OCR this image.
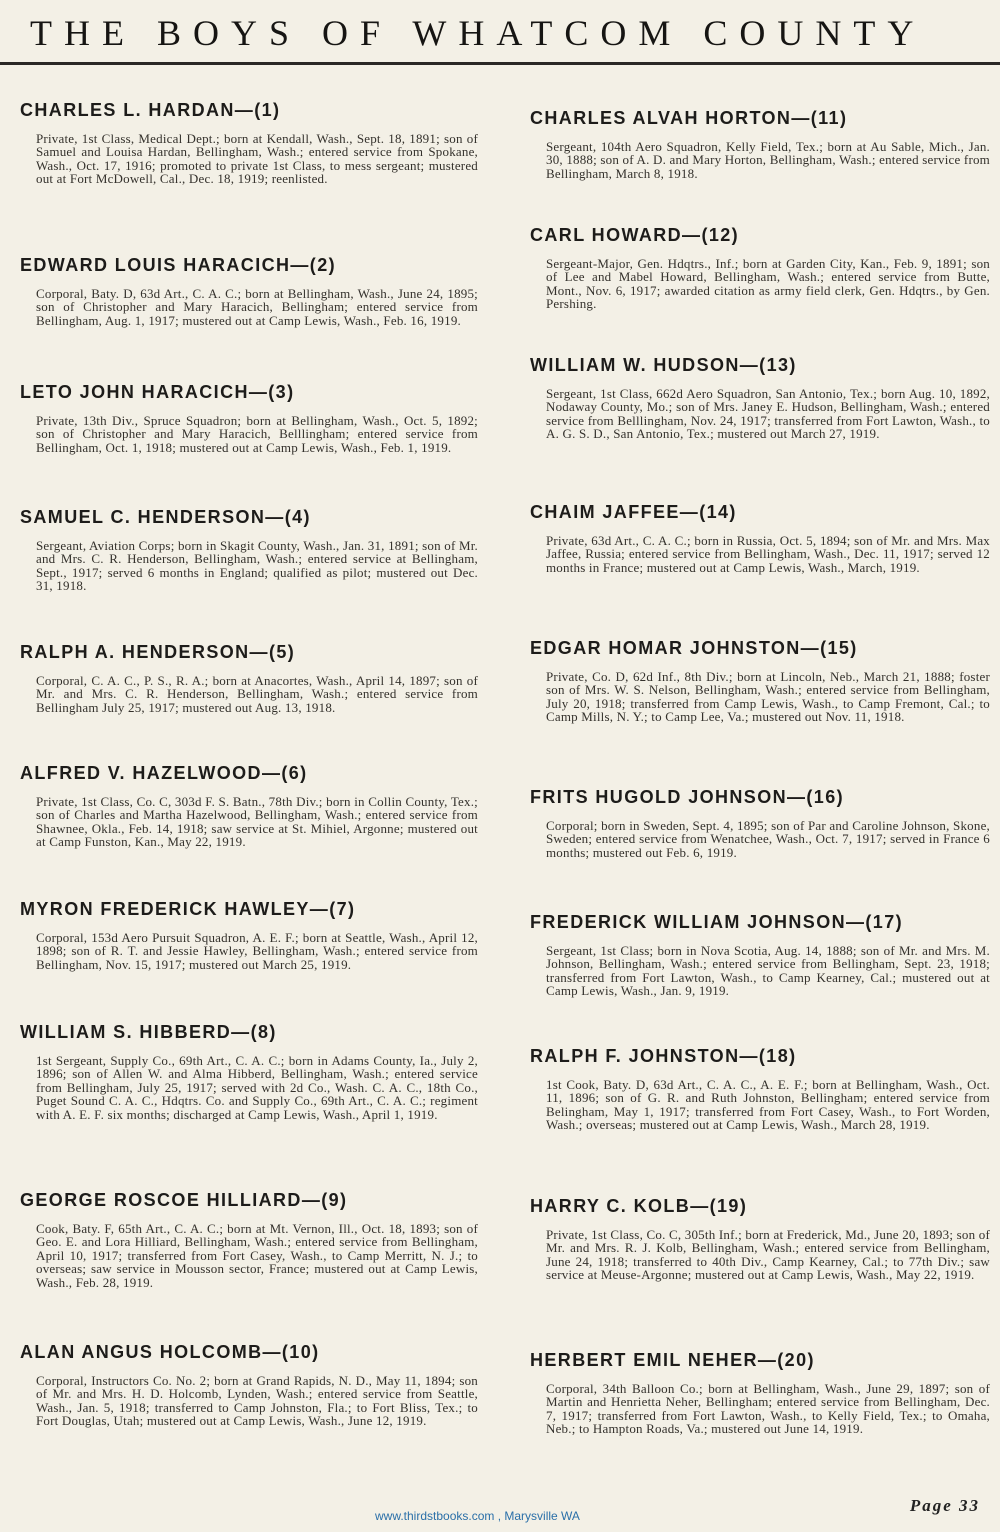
THE BOYS OF WHATCOM COUNTY
CHARLES L. HARDAN—(1)
Private, 1st Class, Medical Dept.; born at Kendall, Wash., Sept. 18, 1891; son of Samuel and Louisa Hardan, Bellingham, Wash.; entered service from Spokane, Wash., Oct. 17, 1916; promoted to private 1st Class, to mess sergeant; mustered out at Fort McDowell, Cal., Dec. 18, 1919; reenlisted.
EDWARD LOUIS HARACICH—(2)
Corporal, Baty. D, 63d Art., C. A. C.; born at Bellingham, Wash., June 24, 1895; son of Christopher and Mary Haracich, Bellingham; entered service from Bellingham, Aug. 1, 1917; mustered out at Camp Lewis, Wash., Feb. 16, 1919.
LETO JOHN HARACICH—(3)
Private, 13th Div., Spruce Squadron; born at Bellingham, Wash., Oct. 5, 1892; son of Christopher and Mary Haracich, Belllingham; entered service from Bellingham, Oct. 1, 1918; mustered out at Camp Lewis, Wash., Feb. 1, 1919.
SAMUEL C. HENDERSON—(4)
Sergeant, Aviation Corps; born in Skagit County, Wash., Jan. 31, 1891; son of Mr. and Mrs. C. R. Henderson, Bellingham, Wash.; entered service at Bellingham, Sept., 1917; served 6 months in England; qualified as pilot; mustered out Dec. 31, 1918.
RALPH A. HENDERSON—(5)
Corporal, C. A. C., P. S., R. A.; born at Anacortes, Wash., April 14, 1897; son of Mr. and Mrs. C. R. Henderson, Bellingham, Wash.; entered service from Bellingham July 25, 1917; mustered out Aug. 13, 1918.
ALFRED V. HAZELWOOD—(6)
Private, 1st Class, Co. C, 303d F. S. Batn., 78th Div.; born in Collin County, Tex.; son of Charles and Martha Hazelwood, Bellingham, Wash.; entered service from Shawnee, Okla., Feb. 14, 1918; saw service at St. Mihiel, Argonne; mustered out at Camp Funston, Kan., May 22, 1919.
MYRON FREDERICK HAWLEY—(7)
Corporal, 153d Aero Pursuit Squadron, A. E. F.; born at Seattle, Wash., April 12, 1898; son of R. T. and Jessie Hawley, Bellingham, Wash.; entered service from Bellingham, Nov. 15, 1917; mustered out March 25, 1919.
WILLIAM S. HIBBERD—(8)
1st Sergeant, Supply Co., 69th Art., C. A. C.; born in Adams County, Ia., July 2, 1896; son of Allen W. and Alma Hibberd, Bellingham, Wash.; entered service from Bellingham, July 25, 1917; served with 2d Co., Wash. C. A. C., 18th Co., Puget Sound C. A. C., Hdqtrs. Co. and Supply Co., 69th Art., C. A. C.; regiment with A. E. F. six months; discharged at Camp Lewis, Wash., April 1, 1919.
GEORGE ROSCOE HILLIARD—(9)
Cook, Baty. F, 65th Art., C. A. C.; born at Mt. Vernon, Ill., Oct. 18, 1893; son of Geo. E. and Lora Hilliard, Bellingham, Wash.; entered service from Bellingham, April 10, 1917; transferred from Fort Casey, Wash., to Camp Merritt, N. J.; to overseas; saw service in Mousson sector, France; mustered out at Camp Lewis, Wash., Feb. 28, 1919.
ALAN ANGUS HOLCOMB—(10)
Corporal, Instructors Co. No. 2; born at Grand Rapids, N. D., May 11, 1894; son of Mr. and Mrs. H. D. Holcomb, Lynden, Wash.; entered service from Seattle, Wash., Jan. 5, 1918; transferred to Camp Johnston, Fla.; to Fort Bliss, Tex.; to Fort Douglas, Utah; mustered out at Camp Lewis, Wash., June 12, 1919.
CHARLES ALVAH HORTON—(11)
Sergeant, 104th Aero Squadron, Kelly Field, Tex.; born at Au Sable, Mich., Jan. 30, 1888; son of A. D. and Mary Horton, Bellingham, Wash.; entered service from Bellingham, March 8, 1918.
CARL HOWARD—(12)
Sergeant-Major, Gen. Hdqtrs., Inf.; born at Garden City, Kan., Feb. 9, 1891; son of Lee and Mabel Howard, Bellingham, Wash.; entered service from Butte, Mont., Nov. 6, 1917; awarded citation as army field clerk, Gen. Hdqtrs., by Gen. Pershing.
WILLIAM W. HUDSON—(13)
Sergeant, 1st Class, 662d Aero Squadron, San Antonio, Tex.; born Aug. 10, 1892, Nodaway County, Mo.; son of Mrs. Janey E. Hudson, Bellingham, Wash.; entered service from Belllingham, Nov. 24, 1917; transferred from Fort Lawton, Wash., to A. G. S. D., San Antonio, Tex.; mustered out March 27, 1919.
CHAIM JAFFEE—(14)
Private, 63d Art., C. A. C.; born in Russia, Oct. 5, 1894; son of Mr. and Mrs. Max Jaffee, Russia; entered service from Bellingham, Wash., Dec. 11, 1917; served 12 months in France; mustered out at Camp Lewis, Wash., March, 1919.
EDGAR HOMAR JOHNSTON—(15)
Private, Co. D, 62d Inf., 8th Div.; born at Lincoln, Neb., March 21, 1888; foster son of Mrs. W. S. Nelson, Bellingham, Wash.; entered service from Bellingham, July 20, 1918; transferred from Camp Lewis, Wash., to Camp Fremont, Cal.; to Camp Mills, N. Y.; to Camp Lee, Va.; mustered out Nov. 11, 1918.
FRITS HUGOLD JOHNSON—(16)
Corporal; born in Sweden, Sept. 4, 1895; son of Par and Caroline Johnson, Skone, Sweden; entered service from Wenatchee, Wash., Oct. 7, 1917; served in France 6 months; mustered out Feb. 6, 1919.
FREDERICK WILLIAM JOHNSON—(17)
Sergeant, 1st Class; born in Nova Scotia, Aug. 14, 1888; son of Mr. and Mrs. M. Johnson, Bellingham, Wash.; entered service from Bellingham, Sept. 23, 1918; transferred from Fort Lawton, Wash., to Camp Kearney, Cal.; mustered out at Camp Lewis, Wash., Jan. 9, 1919.
RALPH F. JOHNSTON—(18)
1st Cook, Baty. D, 63d Art., C. A. C., A. E. F.; born at Bellingham, Wash., Oct. 11, 1896; son of G. R. and Ruth Johnston, Bellingham; entered service from Belingham, May 1, 1917; transferred from Fort Casey, Wash., to Fort Worden, Wash.; overseas; mustered out at Camp Lewis, Wash., March 28, 1919.
HARRY C. KOLB—(19)
Private, 1st Class, Co. C, 305th Inf.; born at Frederick, Md., June 20, 1893; son of Mr. and Mrs. R. J. Kolb, Bellingham, Wash.; entered service from Bellingham, June 24, 1918; transferred to 40th Div., Camp Kearney, Cal.; to 77th Div.; saw service at Meuse-Argonne; mustered out at Camp Lewis, Wash., May 22, 1919.
HERBERT EMIL NEHER—(20)
Corporal, 34th Balloon Co.; born at Bellingham, Wash., June 29, 1897; son of Martin and Henrietta Neher, Bellingham; entered service from Bellingham, Dec. 7, 1917; transferred from Fort Lawton, Wash., to Kelly Field, Tex.; to Omaha, Neb.; to Hampton Roads, Va.; mustered out June 14, 1919.
Page 33
www.thirdstbooks.com , Marysville WA
